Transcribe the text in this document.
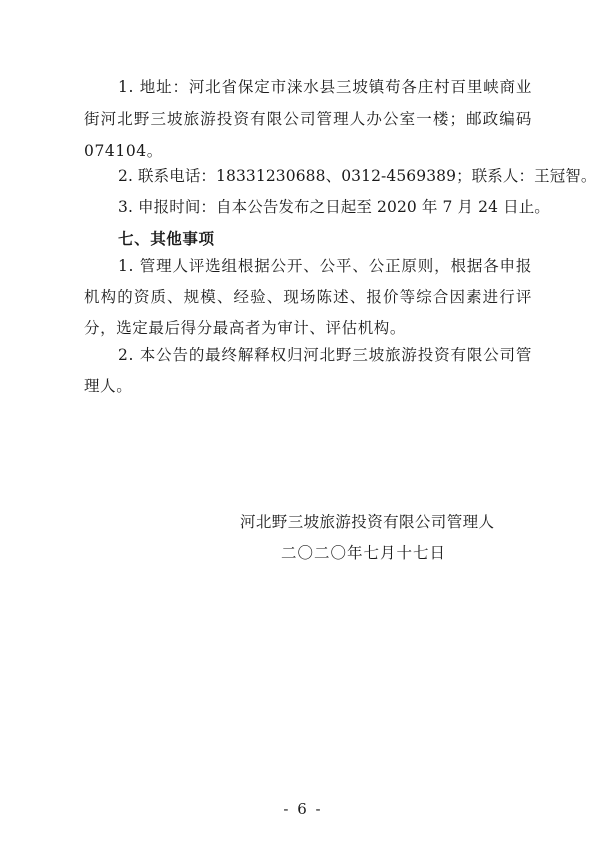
1. 地址：河北省保定市涞水县三坡镇苟各庄村百里峡商业
街河北野三坡旅游投资有限公司管理人办公室一楼；邮政编码
074104。
2. 联系电话：18331230688、0312-4569389；联系人：王冠智。
3. 申报时间：自本公告发布之日起至 2020 年 7 月 24 日止。
七、其他事项
1. 管理人评选组根据公开、公平、公正原则，根据各申报
机构的资质、规模、经验、现场陈述、报价等综合因素进行评
分，选定最后得分最高者为审计、评估机构。
2. 本公告的最终解释权归河北野三坡旅游投资有限公司管
理人。
河北野三坡旅游投资有限公司管理人
二〇二〇年七月十七日
- 6 -
